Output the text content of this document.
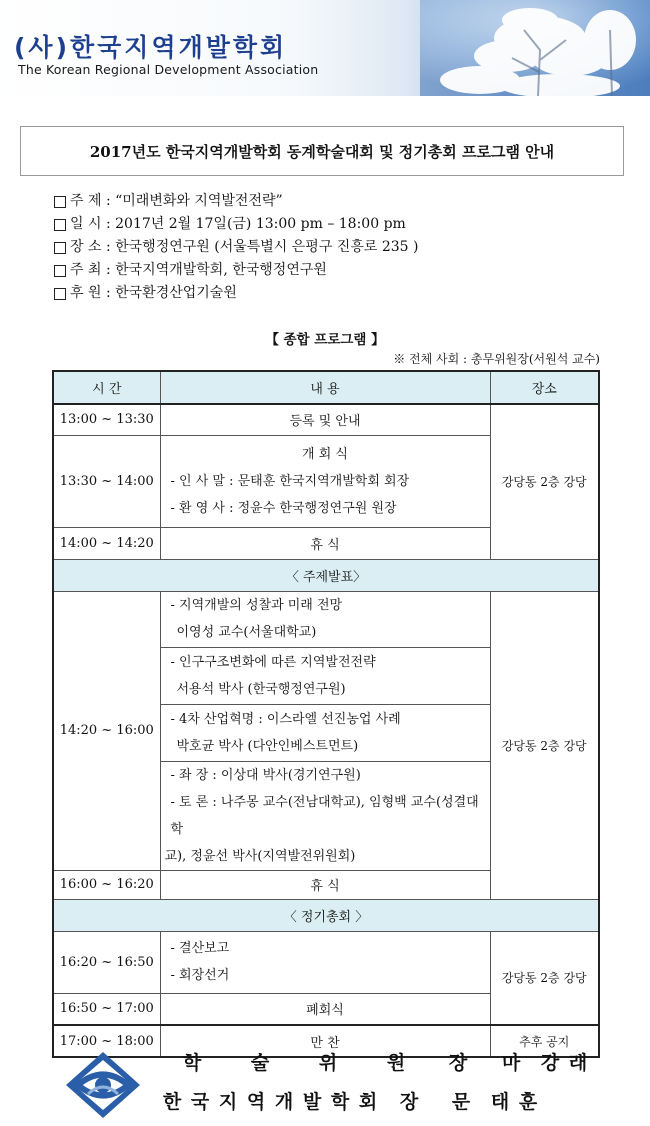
(사)한국지역개발학회
The Korean Regional Development Association
2017년도 한국지역개발학회 동계학술대회 및 정기총회 프로그램 안내
주 제 : “미래변화와 지역발전전략”
일 시 : 2017년 2월 17일(금) 13:00 pm – 18:00 pm
장 소 : 한국행정연구원 (서울특별시 은평구 진흥로 235 )
주 최 : 한국지역개발학회, 한국행정연구원
후 원 : 한국환경산업기술원
【 종합 프로그램 】
※ 전체 사회 : 총무위원장(서원석 교수)
시 간	내 용	장소
13:00 ~ 13:30	등록 및 안내	강당동 2층 강당
13:30 ~ 14:00	개 회 식
- 인 사 말 : 문태훈 한국지역개발학회 회장
- 환 영 사 : 정윤수 한국행정연구원 원장	

14:00 ~ 14:20	휴 식	
〈 주제발표〉		
14:20 ~ 16:00	- 지역개발의 성찰과 미래 전망
이영성 교수(서울대학교)	강당동 2층 강당

	- 인구구조변화에 따른 지역발전전략
서용석 박사 (한국행정연구원)	

	- 4차 산업혁명 : 이스라엘 선진농업 사례
박호균 박사 (다안인베스트먼트)	

	- 좌 장 : 이상대 박사(경기연구원)
- 토 론 : 나주몽 교수(전남대학교), 임형백 교수(성결대학
교), 정윤선 박사(지역발전위원회)	

16:00 ~ 16:20	휴 식	
〈 정기총회 〉		
16:20 ~ 16:50	- 결산보고
- 회장선거	강당동 2층 강당
16:50 ~ 17:00	폐회식	
17:00 ~ 18:00	만 찬	추후 공지
학	술	위	원 장 마 강 래
한 국 지 역 개 발 학 회 장 문 태 훈
